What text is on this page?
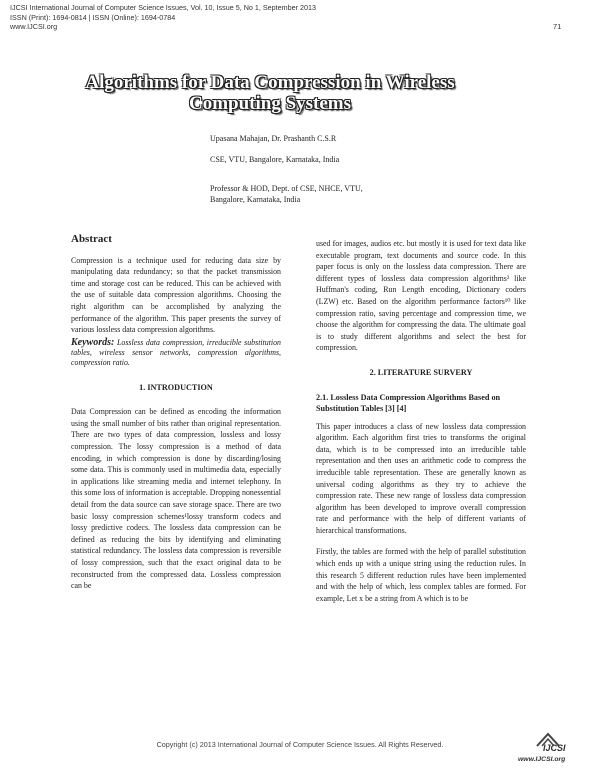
IJCSI International Journal of Computer Science Issues, Vol. 10, Issue 5, No 1, September 2013
ISSN (Print): 1694-0814 | ISSN (Online): 1694-0784
www.IJCSI.org	71
Algorithms for Data Compression in Wireless
Computing Systems
Upasana Mahajan, Dr. Prashanth C.S.R
CSE, VTU, Bangalore, Karnataka, India
Professor & HOD, Dept. of CSE, NHCE, VTU,
Bangalore, Karnataka, India

Abstract

Compression is a technique used for reducing data size by manipulating data redundancy; so that the packet transmission time and storage cost can be reduced. This can be achieved with the use of suitable data compression algorithms. Choosing the right algorithm can be accomplished by analyzing the performance of the algorithm. This paper presents the survey of various lossless data compression algorithms.

Keywords: Lossless data compression, irreducible substitution tables, wireless sensor networks, compression algorithms, compression ratio.

1. INTRODUCTION

Data Compression can be defined as encoding the information using the small number of bits rather than original representation. There are two types of data compression, lossless and lossy compression. The lossy compression is a method of data encoding, in which compression is done by discarding/losing some data. This is commonly used in multimedia data, especially in applications like streaming media and internet telephony. In this some loss of information is acceptable. Dropping nonessential detail from the data source can save storage space. There are two basic lossy compression schemes¹lossy transform codecs and lossy predictive codecs. The lossless data compression can be defined as reducing the bits by identifying and eliminating statistical redundancy. The lossless data compression is reversible of lossy compression, such that the exact original data to be reconstructed from the compressed data. Lossless compression can be

used for images, audios etc. but mostly it is used for text data like executable program, text documents and source code. In this paper focus is only on the lossless data compression. There are different types of lossless data compression algorithms² like Huffman's coding, Run Length encoding, Dictionary coders (LZW) etc. Based on the algorithm performance factors¹⁰ like compression ratio, saving percentage and compression time, we choose the algorithm for compressing the data. The ultimate goal is to study different algorithms and select the best for compression.

2. LITERATURE SURVERY

2.1. Lossless Data Compression Algorithms Based on Substitution Tables [3] [4]

This paper introduces a class of new lossless data compression algorithm. Each algorithm first tries to transforms the original data, which is to be compressed into an irreducible table representation and then uses an arithmetic code to compress the irreducible table representation. These are generally known as universal coding algorithms as they try to achieve the compression rate. These new range of lossless data compression algorithm has been developed to improve overall compression rate and performance with the help of different variants of hierarchical transformations.

Firstly, the tables are formed with the help of parallel substitution which ends up with a unique string using the reduction rules. In this research 5 different reduction rules have been implemented and with the help of which, less complex tables are formed. For example, Let x be a string from A which is to be

Copyright (c) 2013 International Journal of Computer Science Issues. All Rights Reserved.	IJCSI
www.IJCSI.org
